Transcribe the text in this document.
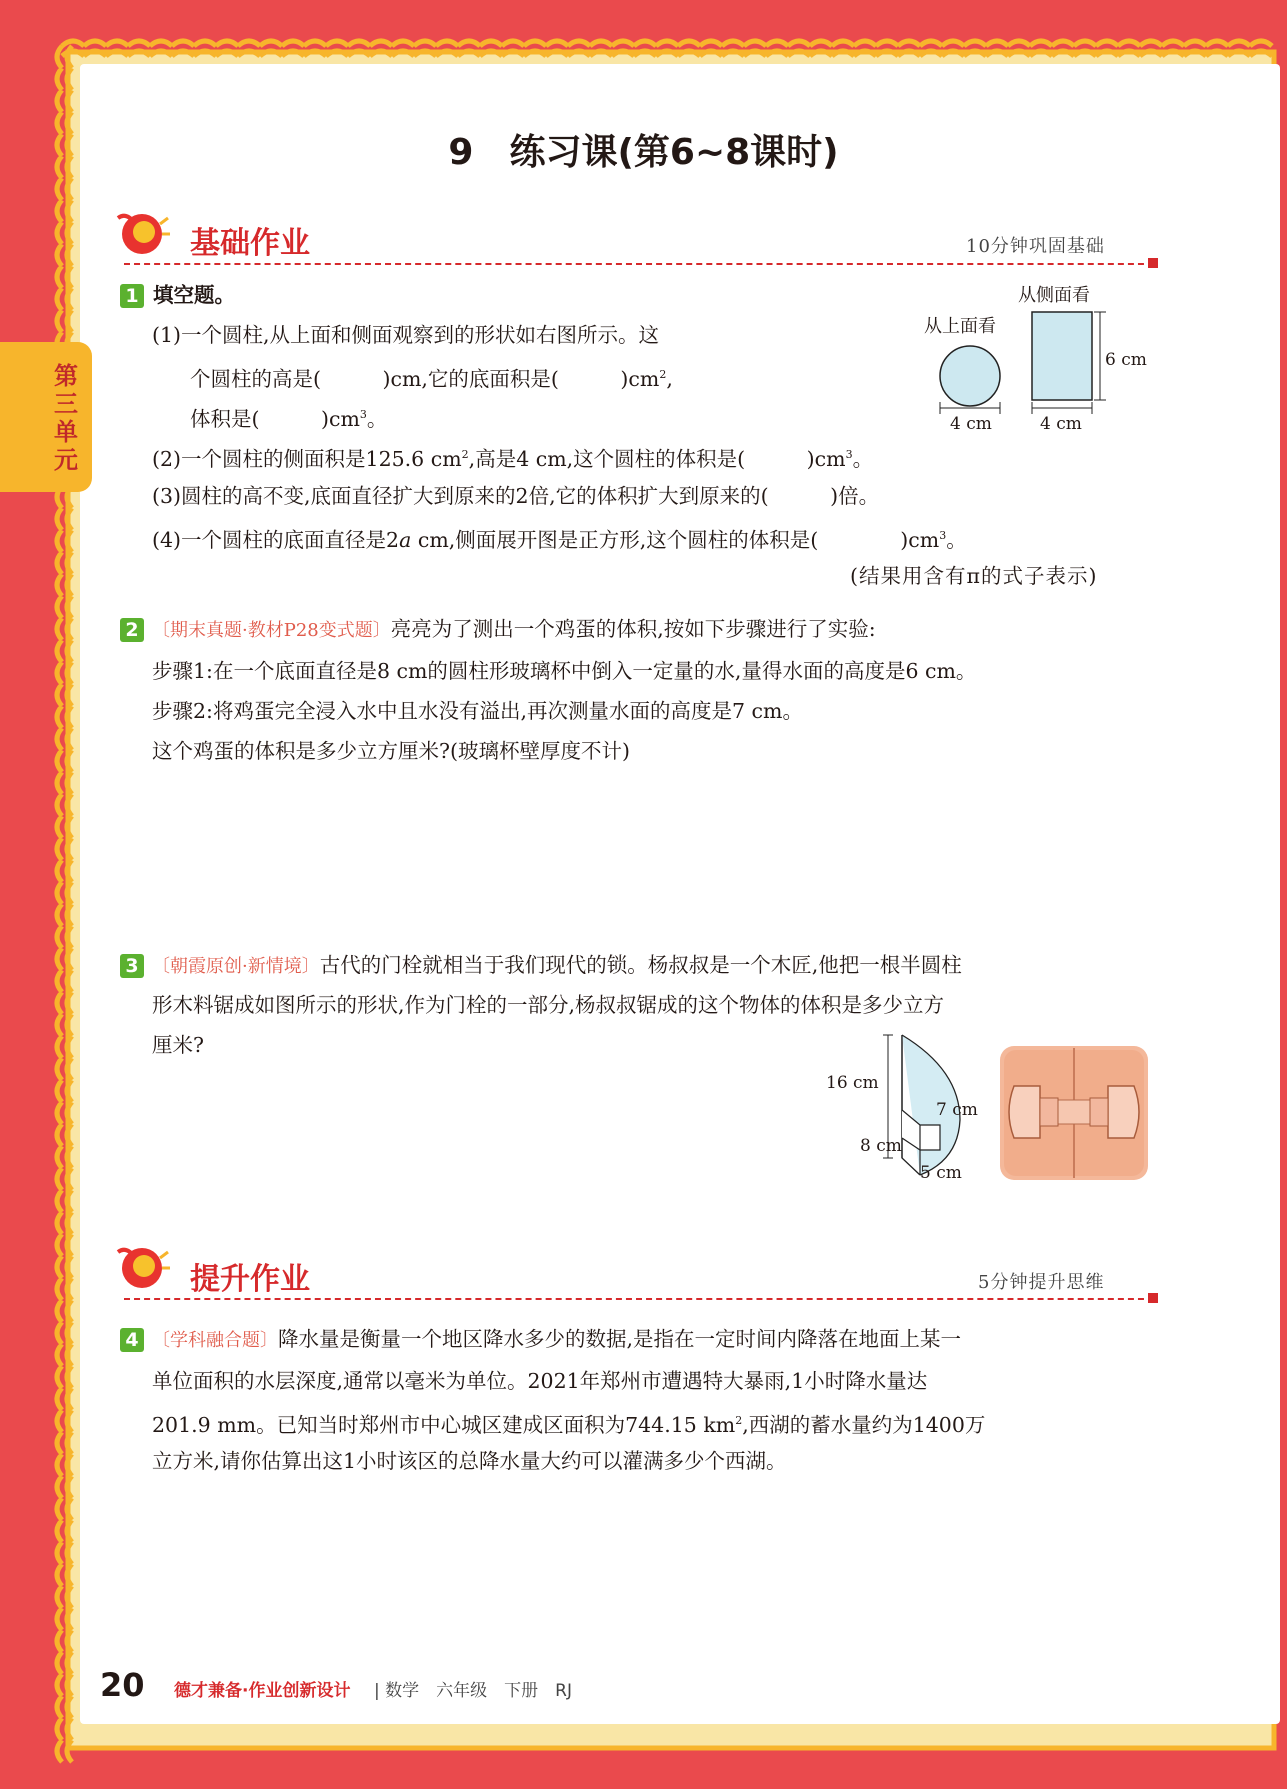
第三单元
9　练习课(第6~8课时)
基础作业	10分钟巩固基础
1 填空题。
(1)一个圆柱,从上面和侧面观察到的形状如右图所示。这
个圆柱的高是(　　　)cm,它的底面积是(　　　)$cm^2$,
体积是(　　　)$cm^3$。
(2)一个圆柱的侧面积是125.6 $cm^2$,高是4 cm,这个圆柱的体积是(　　　)$cm^3$。
(3)圆柱的高不变,底面直径扩大到原来的2倍,它的体积扩大到原来的(　　　)倍。
(4)一个圆柱的底面直径是2a cm,侧面展开图是正方形,这个圆柱的体积是(　　　　)$cm^3$。
(结果用含有π的式子表示)
从上面看
从侧面看
4 cm	4 cm
6 cm
2 〔期末真题·教材P28变式题〕亮亮为了测出一个鸡蛋的体积,按如下步骤进行了实验:
步骤1:在一个底面直径是8 cm的圆柱形玻璃杯中倒入一定量的水,量得水面的高度是6 cm。
步骤2:将鸡蛋完全浸入水中且水没有溢出,再次测量水面的高度是7 cm。
这个鸡蛋的体积是多少立方厘米?(玻璃杯壁厚度不计)
3 〔朝霞原创·新情境〕古代的门栓就相当于我们现代的锁。杨叔叔是一个木匠,他把一根半圆柱
形木料锯成如图所示的形状,作为门栓的一部分,杨叔叔锯成的这个物体的体积是多少立方
厘米?
16 cm
7 cm
8 cm
5 cm
提升作业	5分钟提升思维
4 〔学科融合题〕降水量是衡量一个地区降水多少的数据,是指在一定时间内降落在地面上某一
单位面积的水层深度,通常以毫米为单位。2021年郑州市遭遇特大暴雨,1小时降水量达
201.9 mm。已知当时郑州市中心城区建成区面积为744.15 $km^2$,西湖的蓄水量约为1400万
立方米,请你估算出这1小时该区的总降水量大约可以灌满多少个西湖。
20 德才兼备·作业创新设计 | 数学　六年级　下册　RJ
